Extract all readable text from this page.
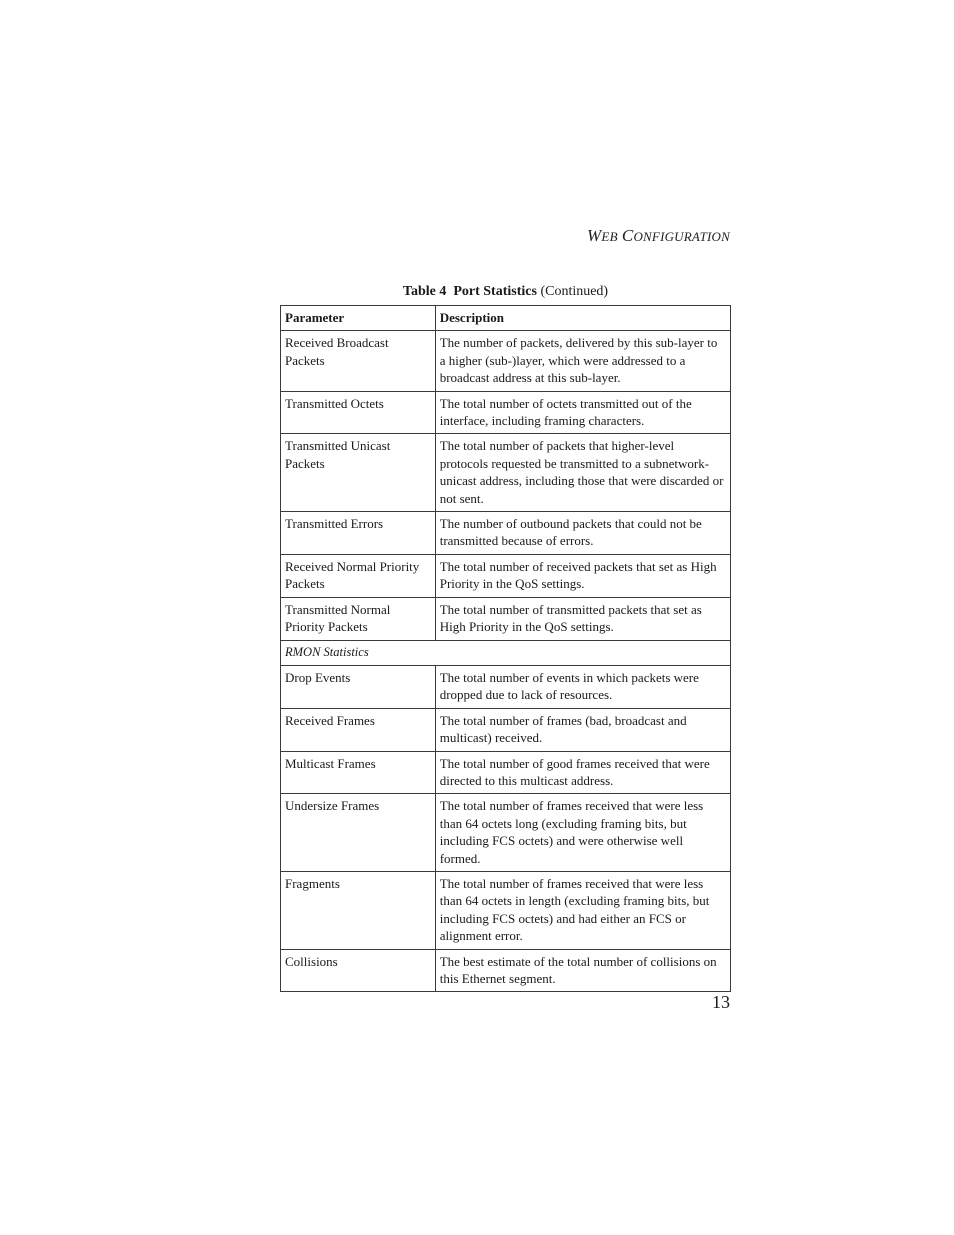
WEB CONFIGURATION
Table 4 Port Statistics (Continued)
Parameter	Description
Received Broadcast Packets	The number of packets, delivered by this sub-layer to a higher (sub-)layer, which were addressed to a broadcast address at this sub-layer.
Transmitted Octets	The total number of octets transmitted out of the interface, including framing characters.
Transmitted Unicast Packets	The total number of packets that higher-level protocols requested be transmitted to a subnetwork-unicast address, including those that were discarded or not sent.
Transmitted Errors	The number of outbound packets that could not be transmitted because of errors.
Received Normal Priority Packets	The total number of received packets that set as High Priority in the QoS settings.
Transmitted Normal Priority Packets	The total number of transmitted packets that set as High Priority in the QoS settings.
RMON Statistics	
Drop Events	The total number of events in which packets were dropped due to lack of resources.
Received Frames	The total number of frames (bad, broadcast and multicast) received.
Multicast Frames	The total number of good frames received that were directed to this multicast address.
Undersize Frames	The total number of frames received that were less than 64 octets long (excluding framing bits, but including FCS octets) and were otherwise well formed.
Fragments	The total number of frames received that were less than 64 octets in length (excluding framing bits, but including FCS octets) and had either an FCS or alignment error.
Collisions	The best estimate of the total number of collisions on this Ethernet segment.
13
